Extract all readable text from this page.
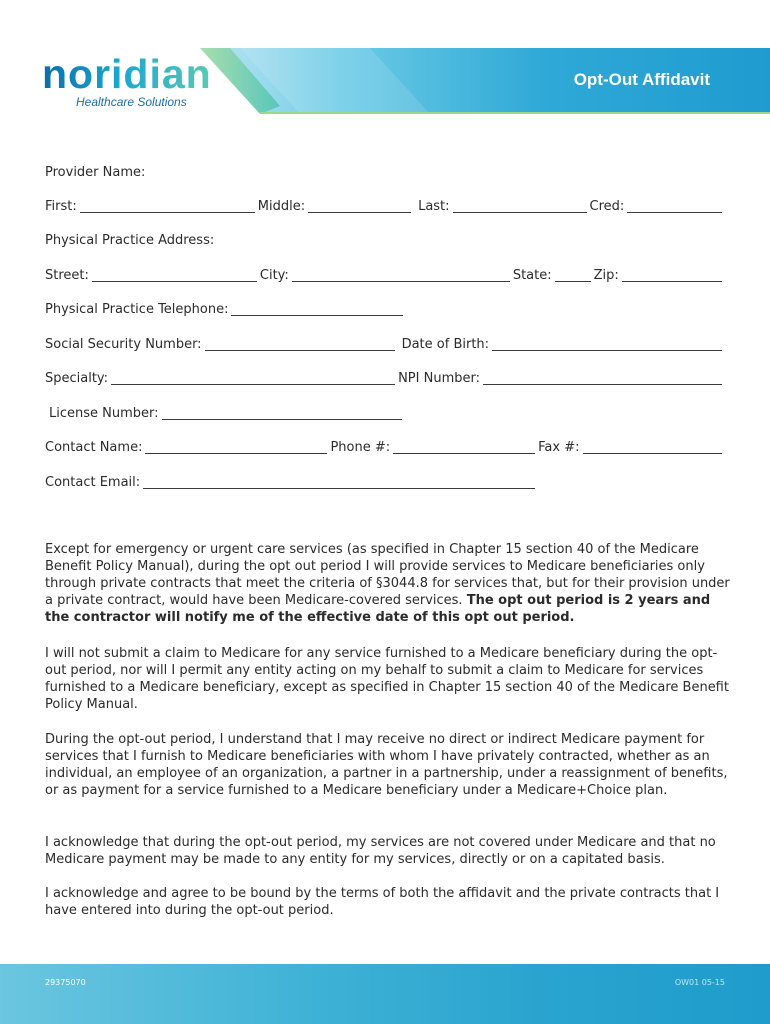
Opt-Out Affidavit
noridian
Healthcare Solutions
Provider Name:
First:	Middle:	Last:	Cred:
Physical Practice Address:
Street:	City:	State:	Zip:
Physical Practice Telephone:
Social Security Number:	Date of Birth:
Specialty:	NPI Number:
License Number:
Contact Name:	Phone #:	Fax #:
Contact Email:
Except for emergency or urgent care services (as specified in Chapter 15 section 40 of the Medicare Benefit Policy Manual), during the opt out period I will provide services to Medicare beneficiaries only through private contracts that meet the criteria of §3044.8 for services that, but for their provision under a private contract, would have been Medicare-covered services. The opt out period is 2 years and the contractor will notify me of the effective date of this opt out period.
I will not submit a claim to Medicare for any service furnished to a Medicare beneficiary during the opt-out period, nor will I permit any entity acting on my behalf to submit a claim to Medicare for services furnished to a Medicare beneficiary, except as specified in Chapter 15 section 40 of the Medicare Benefit Policy Manual.
During the opt-out period, I understand that I may receive no direct or indirect Medicare payment for services that I furnish to Medicare beneficiaries with whom I have privately contracted, whether as an individual, an employee of an organization, a partner in a partnership, under a reassignment of benefits, or as payment for a service furnished to a Medicare beneficiary under a Medicare+Choice plan.
I acknowledge that during the opt-out period, my services are not covered under Medicare and that no Medicare payment may be made to any entity for my services, directly or on a capitated basis.
I acknowledge and agree to be bound by the terms of both the affidavit and the private contracts that I have entered into during the opt-out period.
29375070	OW01 05-15
